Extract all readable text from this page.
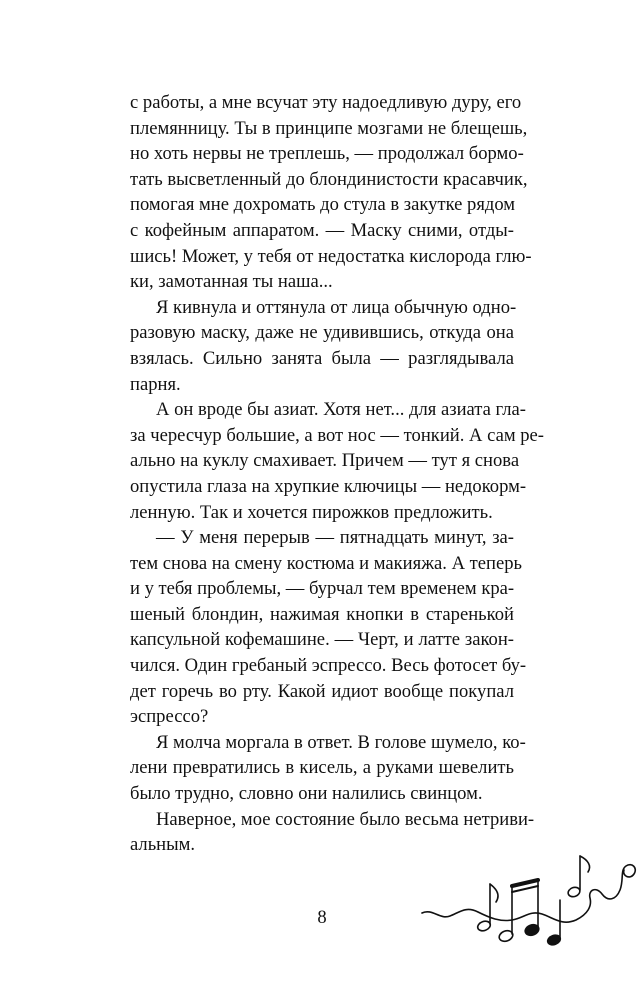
с работы, а мне всучат эту надоедливую дуру, его

племянницу. Ты в принципе мозгами не блещешь,

но хоть нервы не треплешь, — продолжал бормо-

тать высветленный до блондинистости красавчик,

помогая мне дохромать до стула в закутке рядом

с кофейным аппаратом. — Маску сними, отды-

шись! Может, у тебя от недостатка кислорода глю-

ки, замотанная ты наша...

Я кивнула и оттянула от лица обычную одно-

разовую маску, даже не удивившись, откуда она

взялась. Сильно занята была — разглядывала

парня.

А он вроде бы азиат. Хотя нет... для азиата гла-

за чересчур большие, а вот нос — тонкий. А сам ре-

ально на куклу смахивает. Причем — тут я снова

опустила глаза на хрупкие ключицы — недокорм-

ленную. Так и хочется пирожков предложить.

— У меня перерыв — пятнадцать минут, за-

тем снова на смену костюма и макияжа. А теперь

и у тебя проблемы, — бурчал тем временем кра-

шеный блондин, нажимая кнопки в старенькой

капсульной кофемашине. — Черт, и латте закон-

чился. Один гребаный эспрессо. Весь фотосет бу-

дет горечь во рту. Какой идиот вообще покупал

эспрессо?

Я молча моргала в ответ. В голове шумело, ко-

лени превратились в кисель, а руками шевелить

было трудно, словно они налились свинцом.

Наверное, мое состояние было весьма нетриви-

альным.

8
